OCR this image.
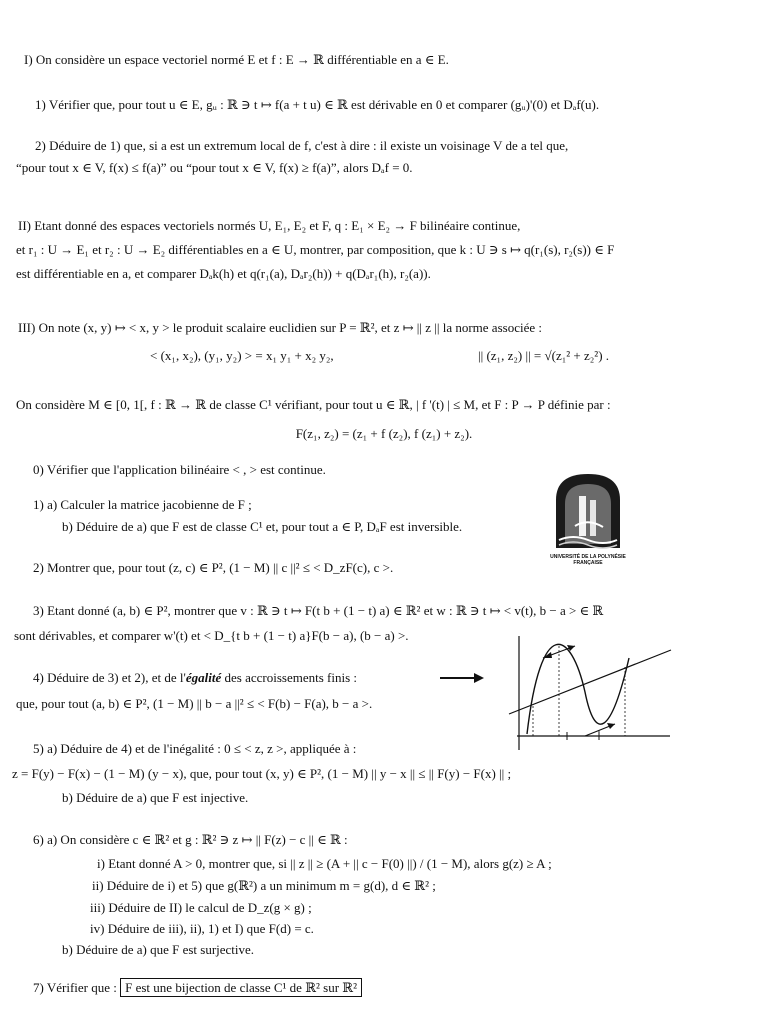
I) On considère un espace vectoriel normé E et f : E → ℝ différentiable en a ∈ E.
1) Vérifier que, pour tout u ∈ E, gᵤ : ℝ ∋ t ↦ f(a + t u) ∈ ℝ est dérivable en 0 et comparer (gᵤ)'(0) et Dₐf(u).
2) Déduire de 1) que, si a est un extremum local de f, c'est à dire : il existe un voisinage V de a tel que,
“pour tout x ∈ V, f(x) ≤ f(a)” ou “pour tout x ∈ V, f(x) ≥ f(a)”, alors Dₐf = 0.
II) Etant donné des espaces vectoriels normés U, E₁, E₂ et F, q : E₁ × E₂ → F bilinéaire continue,
et r₁ : U → E₁ et r₂ : U → E₂ différentiables en a ∈ U, montrer, par composition, que k : U ∋ s ↦ q(r₁(s), r₂(s)) ∈ F
est différentiable en a, et comparer Dₐk(h) et q(r₁(a), Dₐr₂(h)) + q(Dₐr₁(h), r₂(a)).
III) On note (x, y) ↦ < x, y > le produit scalaire euclidien sur P = ℝ², et z ↦ || z || la norme associée :
< (x₁, x₂), (y₁, y₂) > = x₁ y₁ + x₂ y₂,	|| (z₁, z₂) || = √(z₁² + z₂²) .
On considère M ∈ [0, 1[, f : ℝ → ℝ de classe C¹ vérifiant, pour tout u ∈ ℝ, | f '(t) | ≤ M, et F : P → P définie par :
F(z₁, z₂) = (z₁ + f (z₂), f (z₁) + z₂).
0) Vérifier que l'application bilinéaire < , > est continue.
1) a) Calculer la matrice jacobienne de F ;
b) Déduire de a) que F est de classe C¹ et, pour tout a ∈ P, DₐF est inversible.
2) Montrer que, pour tout (z, c) ∈ P², (1 − M) || c ||² ≤ < D_zF(c), c >.
3) Etant donné (a, b) ∈ P², montrer que v : ℝ ∋ t ↦ F(t b + (1 − t) a) ∈ ℝ² et w : ℝ ∋ t ↦ < v(t), b − a > ∈ ℝ
sont dérivables, et comparer w'(t) et < D_{t b + (1 − t) a}F(b − a), (b − a) >.
4) Déduire de 3) et 2), et de l'égalité des accroissements finis :
que, pour tout (a, b) ∈ P², (1 − M) || b − a ||² ≤ < F(b) − F(a), b − a >.
5) a) Déduire de 4) et de l'inégalité : 0 ≤ < z, z >, appliquée à :
z = F(y) − F(x) − (1 − M) (y − x), que, pour tout (x, y) ∈ P², (1 − M) || y − x || ≤ || F(y) − F(x) || ;
b) Déduire de a) que F est injective.
6) a) On considère c ∈ ℝ² et g : ℝ² ∋ z ↦ || F(z) − c || ∈ ℝ :
i) Etant donné A > 0, montrer que, si || z || ≥ (A + || c − F(0) ||) / (1 − M), alors g(z) ≥ A ;
ii) Déduire de i) et 5) que g(ℝ²) a un minimum m = g(d), d ∈ ℝ² ;
iii) Déduire de II) le calcul de D_z(g × g) ;
iv) Déduire de iii), ii), 1) et I) que F(d) = c.
b) Déduire de a) que F est surjective.
7) Vérifier que : F est une bijection de classe C¹ de ℝ² sur ℝ²
UNIVERSITÉ DE LA POLYNÉSIE FRANÇAISE
